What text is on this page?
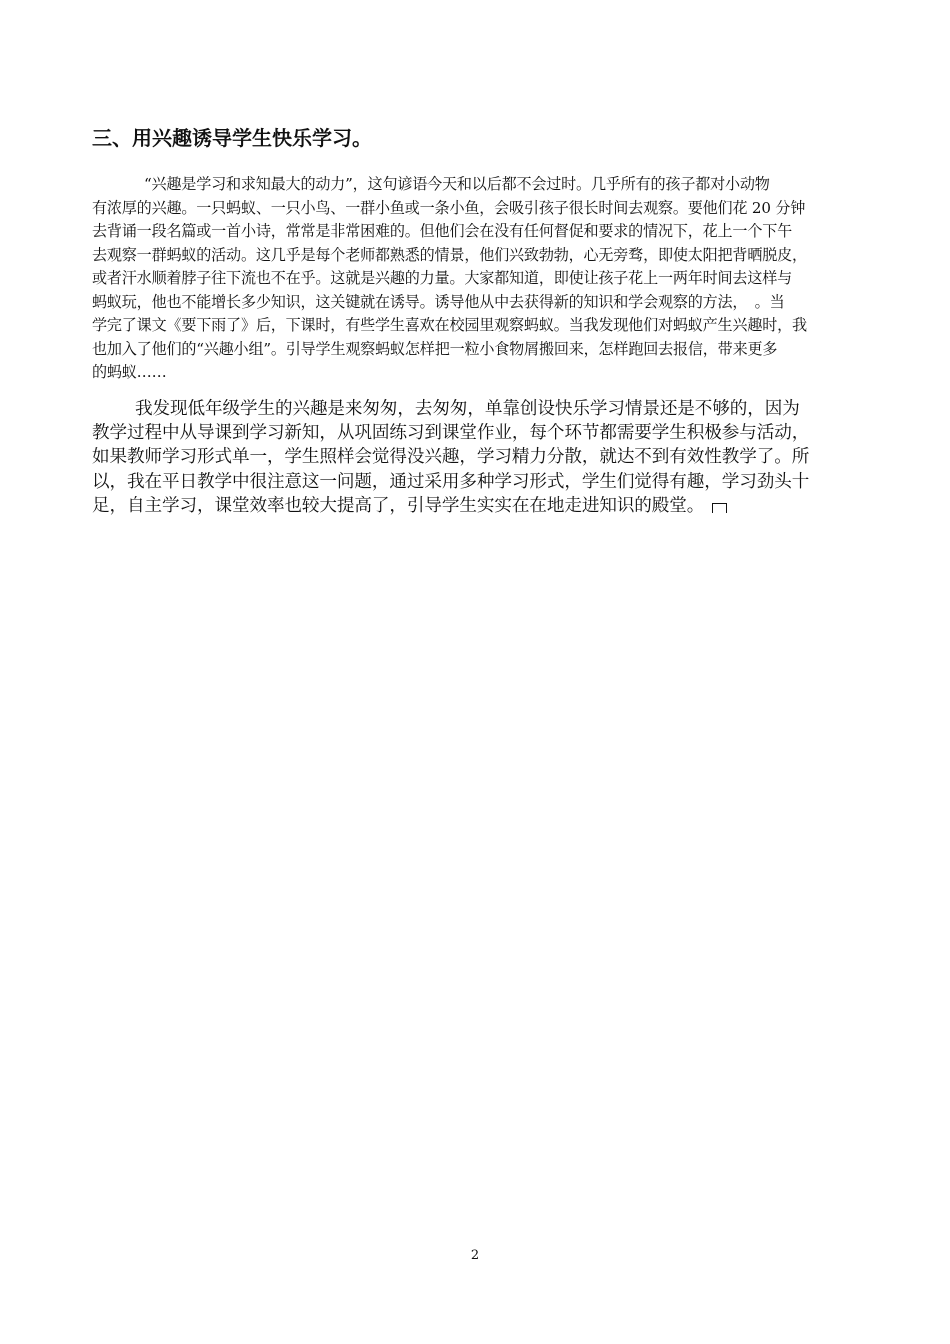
三、用兴趣诱导学生快乐学习。

“兴趣是学习和求知最大的动力”，这句谚语今天和以后都不会过时。几乎所有的孩子都对小动物
有浓厚的兴趣。一只蚂蚁、一只小鸟、一群小鱼或一条小鱼，会吸引孩子很长时间去观察。要他们花 20 分钟
去背诵一段名篇或一首小诗，常常是非常困难的。但他们会在没有任何督促和要求的情况下，花上一个下午
去观察一群蚂蚁的活动。这几乎是每个老师都熟悉的情景，他们兴致勃勃，心无旁骛，即使太阳把背晒脱皮，
或者汗水顺着脖子往下流也不在乎。这就是兴趣的力量。大家都知道，即使让孩子花上一两年时间去这样与
蚂蚁玩，他也不能增长多少知识，这关键就在诱导。诱导他从中去获得新的知识和学会观察的方法，　。当
学完了课文《要下雨了》后，下课时，有些学生喜欢在校园里观察蚂蚁。当我发现他们对蚂蚁产生兴趣时，我
也加入了他们的“兴趣小组”。引导学生观察蚂蚁怎样把一粒小食物屑搬回来，怎样跑回去报信，带来更多
的蚂蚁……

我发现低年级学生的兴趣是来匆匆，去匆匆，单靠创设快乐学习情景还是不够的，因为
教学过程中从导课到学习新知，从巩固练习到课堂作业，每个环节都需要学生积极参与活动，
如果教师学习形式单一，学生照样会觉得没兴趣，学习精力分散，就达不到有效性教学了。所
以，我在平日教学中很注意这一问题，通过采用多种学习形式，学生们觉得有趣，学习劲头十
足，自主学习，课堂效率也较大提高了，引导学生实实在在地走进知识的殿堂。

2
